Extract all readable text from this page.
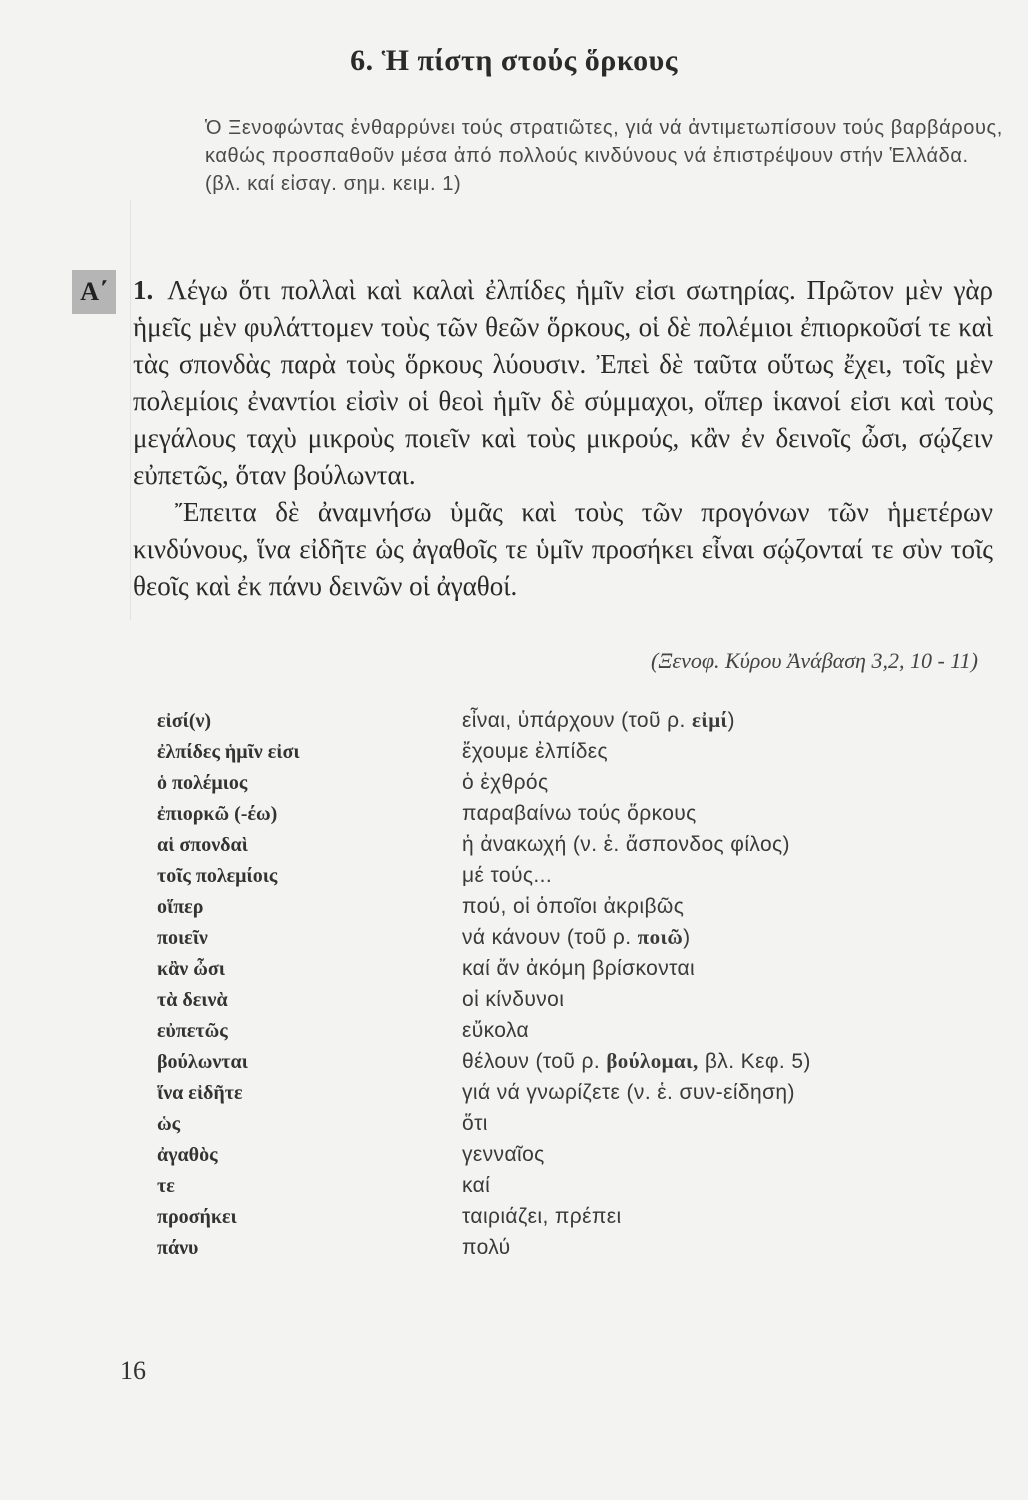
6. Ἡ πίστη στούς ὅρκους
Ὁ Ξενοφώντας ἐνθαρρύνει τούς στρατιῶτες, γιά νά ἀντιμετωπίσουν τούς βαρβάρους, καθώς προσπαθοῦν μέσα ἀπό πολλούς κινδύνους νά ἐπιστρέψουν στήν Ἑλλάδα. (βλ. καί εἰσαγ. σημ. κειμ. 1)
Α΄ 1. Λέγω ὅτι πολλαὶ καὶ καλαὶ ἐλπίδες ἡμῖν εἰσι σωτηρίας. Πρῶτον μὲν γὰρ ἡμεῖς μὲν φυλάττομεν τοὺς τῶν θεῶν ὅρκους, οἱ δὲ πολέμιοι ἐπιορκοῦσί τε καὶ τὰς σπονδὰς παρὰ τοὺς ὅρκους λύουσιν. Ἐπεὶ δὲ ταῦτα οὕτως ἔχει, τοῖς μὲν πολεμίοις ἐναντίοι εἰσὶν οἱ θεοὶ ἡμῖν δὲ σύμμαχοι, οἵπερ ἱκανοί εἰσι καὶ τοὺς μεγάλους ταχὺ μικροὺς ποιεῖν καὶ τοὺς μικρούς, κἂν ἐν δεινοῖς ὦσι, σῴζειν εὐπετῶς, ὅταν βούλωνται.

Ἔπειτα δὲ ἀναμνήσω ὑμᾶς καὶ τοὺς τῶν προγόνων τῶν ἡμετέρων κινδύνους, ἵνα εἰδῆτε ὡς ἀγαθοῖς τε ὑμῖν προσήκει εἶναι σῴζονταί τε σὺν τοῖς θεοῖς καὶ ἐκ πάνυ δεινῶν οἱ ἀγαθοί.

(Ξενοφ. Κύρου Ἀνάβαση 3,2, 10 - 11)
εἰσί(ν)	εἶναι, ὑπάρχουν (τοῦ ρ. εἰμί)
ἐλπίδες ἡμῖν εἰσι	ἔχουμε ἐλπίδες
ὁ πολέμιος	ὁ ἐχθρός
ἐπιορκῶ (-έω)	παραβαίνω τούς ὅρκους
αἱ σπονδαὶ	ἡ ἀνακωχή (ν. ἑ. ἄσπονδος φίλος)
τοῖς πολεμίοις	μέ τούς...
οἵπερ	πού, οἱ ὁποῖοι ἀκριβῶς
ποιεῖν	νά κάνουν (τοῦ ρ. ποιῶ)
κἂν ὦσι	καί ἄν ἀκόμη βρίσκονται
τὰ δεινὰ	οἱ κίνδυνοι
εὐπετῶς	εὔκολα
βούλωνται	θέλουν (τοῦ ρ. βούλομαι, βλ. Κεφ. 5)
ἵνα εἰδῆτε	γιά νά γνωρίζετε (ν. ἑ. συν-είδηση)
ὡς	ὅτι
ἀγαθὸς	γενναῖος
τε	καί
προσήκει	ταιριάζει, πρέπει
πάνυ	πολύ
16
